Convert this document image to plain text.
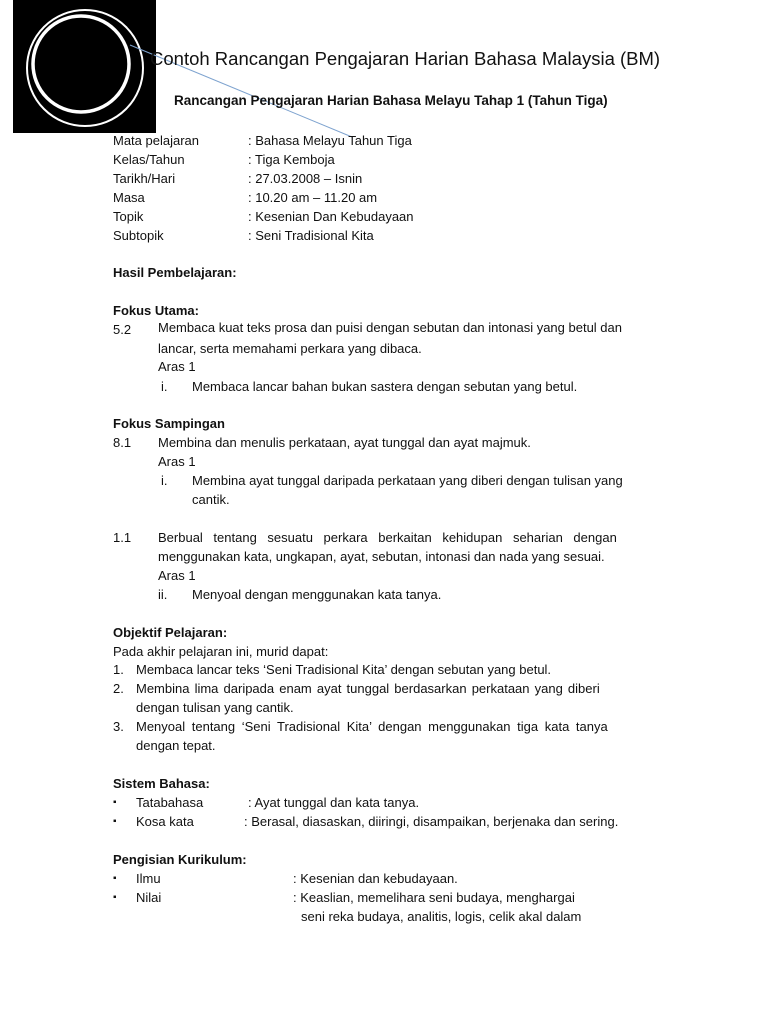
Contoh Rancangan Pengajaran Harian Bahasa Malaysia (BM)
Rancangan Pengajaran Harian Bahasa Melayu Tahap 1 (Tahun Tiga)
Mata pelajaran	: Bahasa Melayu Tahun Tiga
Kelas/Tahun	: Tiga Kemboja
Tarikh/Hari	: 27.03.2008 – Isnin
Masa	: 10.20 am – 11.20 am
Topik	: Kesenian Dan Kebudayaan
Subtopik	: Seni Tradisional Kita
Hasil Pembelajaran:
Fokus Utama:
5.2 Membaca kuat teks prosa dan puisi dengan sebutan dan intonasi yang betul dan
lancar, serta memahami perkara yang dibaca.
Aras 1
i. Membaca lancar bahan bukan sastera dengan sebutan yang betul.
Fokus Sampingan
8.1 Membina dan menulis perkataan, ayat tunggal dan ayat majmuk.
Aras 1
i. Membina ayat tunggal daripada perkataan yang diberi dengan tulisan yang
cantik.
1.1 Berbual tentang sesuatu perkara berkaitan kehidupan seharian dengan
menggunakan kata, ungkapan, ayat, sebutan, intonasi dan nada yang sesuai.
Aras 1
ii. Menyoal dengan menggunakan kata tanya.
Objektif Pelajaran:
Pada akhir pelajaran ini, murid dapat:
1. Membaca lancar teks ‘Seni Tradisional Kita’ dengan sebutan yang betul.
2. Membina lima daripada enam ayat tunggal berdasarkan perkataan yang diberi
dengan tulisan yang cantik.
3. Menyoal tentang ‘Seni Tradisional Kita’ dengan menggunakan tiga kata tanya
dengan tepat.
Sistem Bahasa:
▪ Tatabahasa	: Ayat tunggal dan kata tanya.
▪ Kosa kata	: Berasal, diasaskan, diiringi, disampaikan, berjenaka dan sering.
Pengisian Kurikulum:
▪ Ilmu	: Kesenian dan kebudayaan.
▪ Nilai	: Keaslian, memelihara seni budaya, menghargai
seni reka budaya, analitis, logis, celik akal dalam
